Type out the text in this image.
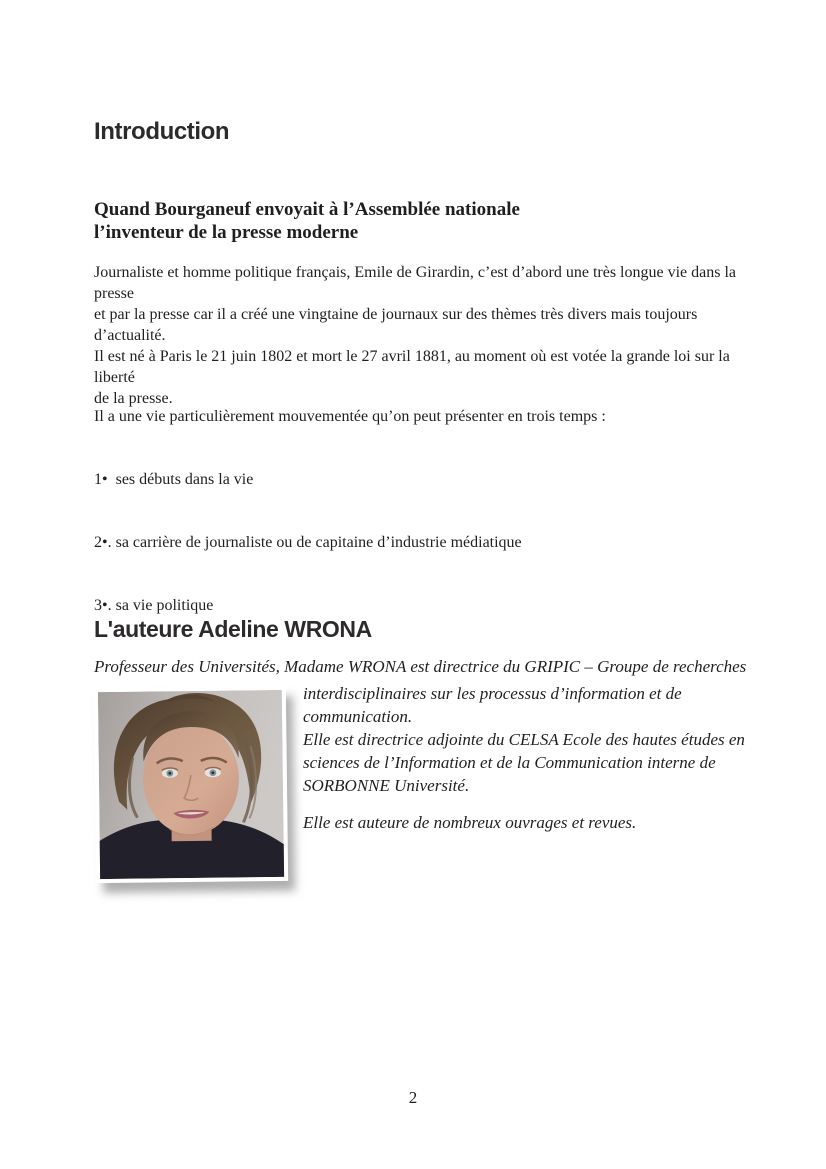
Introduction
Quand Bourganeuf envoyait à l’Assemblée nationale
l’inventeur de la presse moderne
Journaliste et homme politique français, Emile de Girardin, c’est d’abord une très longue vie dans la presse
et par la presse car il a créé une vingtaine de journaux sur des thèmes très divers mais toujours d’actualité.
Il est né à Paris le 21 juin 1802 et mort le 27 avril 1881, au moment où est votée la grande loi sur la liberté
de la presse.

Il a une vie particulièrement mouvementée qu’on peut présenter en trois temps :

1•  ses débuts dans la vie

2•. sa carrière de journaliste ou de capitaine d’industrie médiatique

3•. sa vie politique

L'auteure Adeline WRONA
Professeur des Universités, Madame WRONA est directrice du GRIPIC – Groupe de recherches
interdisciplinaires sur les processus d’information et de communication.
Elle est directrice adjointe du CELSA Ecole des hautes études en
sciences de l’Information et de la Communication interne de
SORBONNE Université.
Elle est auteure de nombreux ouvrages et revues.
2
